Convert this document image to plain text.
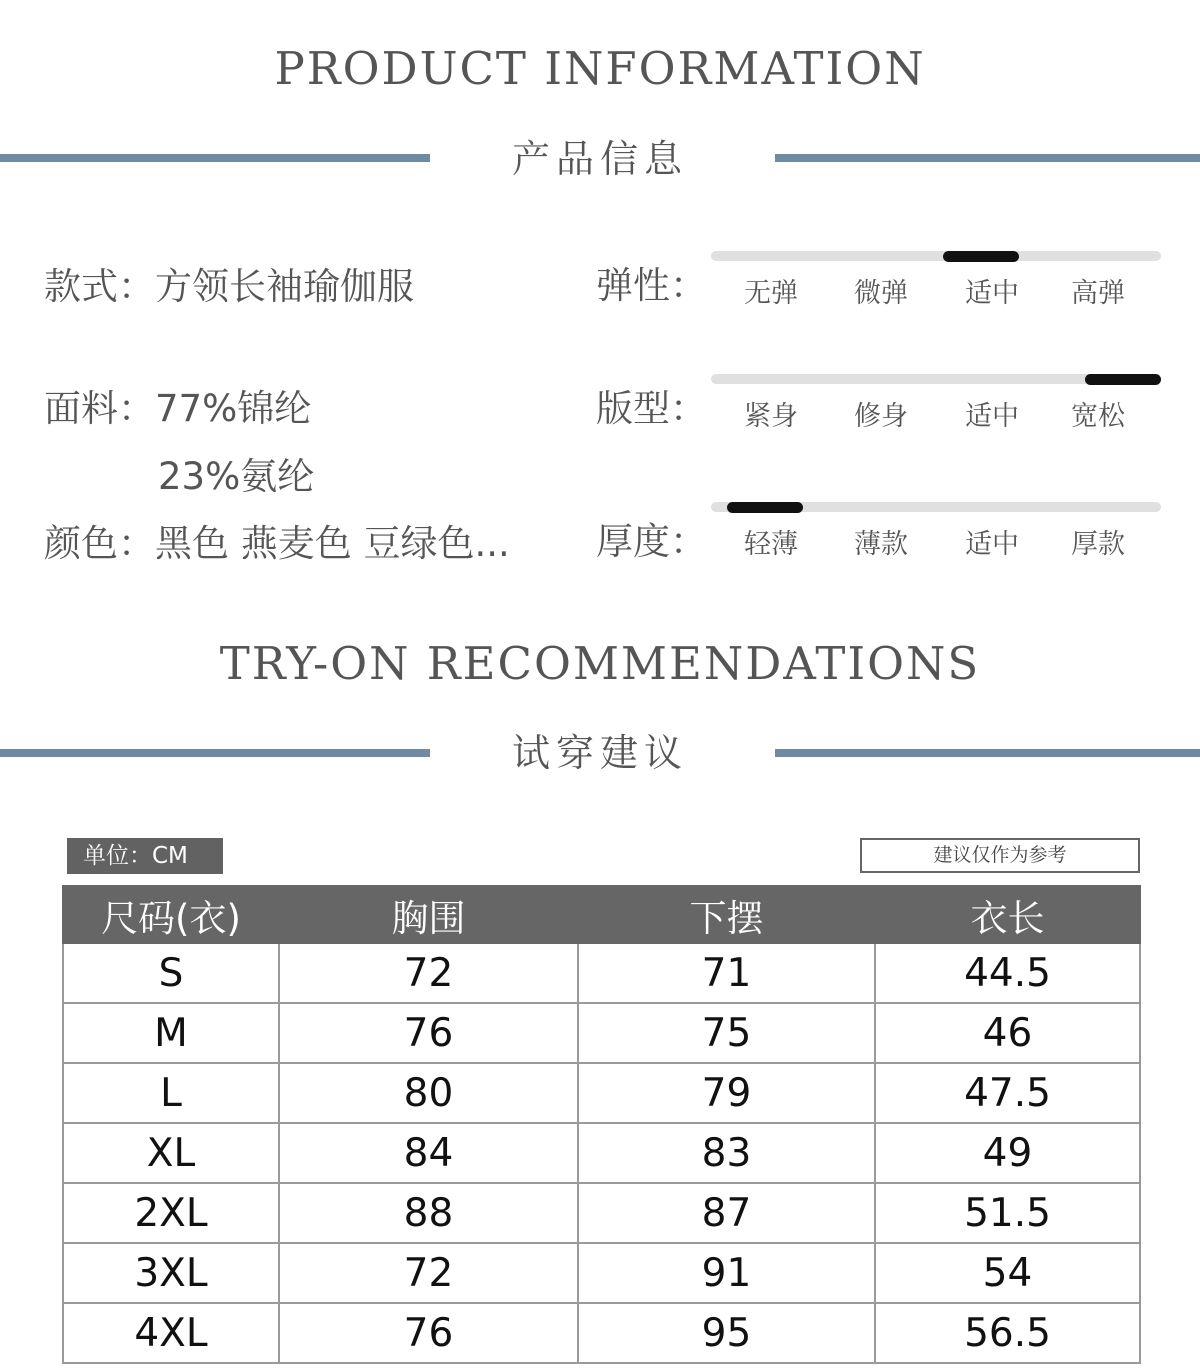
PRODUCT INFORMATION
产品信息
款式：方领长袖瑜伽服
面料：77%锦纶
23%氨纶
颜色：黑色 燕麦色 豆绿色...
弹性：	无弹	微弹	适中	高弹
版型：	紧身	修身	适中	宽松
厚度：	轻薄	薄款	适中	厚款
TRY-ON RECOMMENDATIONS
试穿建议
单位：CM	建议仅作为参考
尺码(衣)	胸围	下摆	衣长
S	72	71	44.5
M	76	75	46
L	80	79	47.5
XL	84	83	49
2XL	88	87	51.5
3XL	72	91	54
4XL	76	95	56.5
